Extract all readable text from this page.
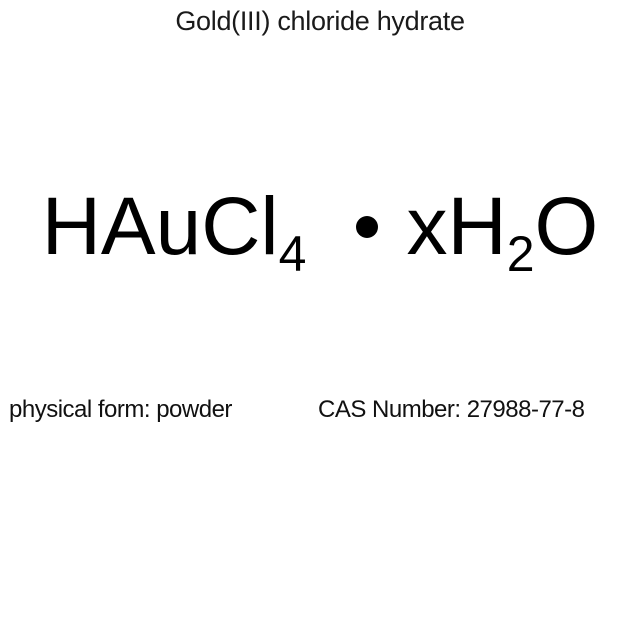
Gold(III) chloride hydrate
HAuCl$_4$ $xH_2O$
physical form: powder	CAS Number: 27988-77-8
